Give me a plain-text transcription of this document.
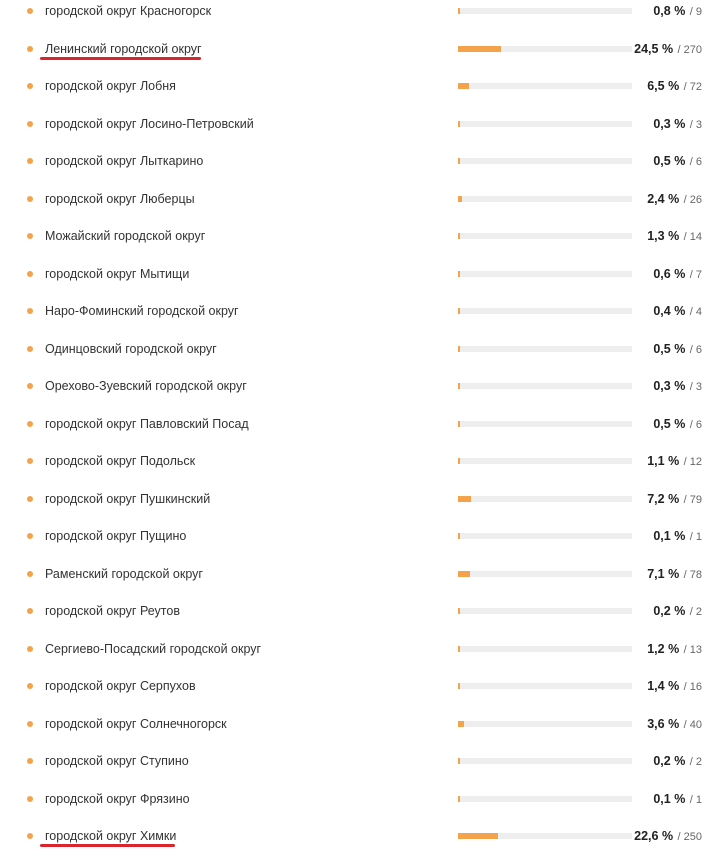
городской округ Красногорск	0,8 % / 9
Ленинский городской округ	24,5 % / 270
городской округ Лобня	6,5 % / 72
городской округ Лосино-Петровский	0,3 % / 3
городской округ Лыткарино	0,5 % / 6
городской округ Люберцы	2,4 % / 26
Можайский городской округ	1,3 % / 14
городской округ Мытищи	0,6 % / 7
Наро-Фоминский городской округ	0,4 % / 4
Одинцовский городской округ	0,5 % / 6
Орехово-Зуевский городской округ	0,3 % / 3
городской округ Павловский Посад	0,5 % / 6
городской округ Подольск	1,1 % / 12
городской округ Пушкинский	7,2 % / 79
городской округ Пущино	0,1 % / 1
Раменский городской округ	7,1 % / 78
городской округ Реутов	0,2 % / 2
Сергиево-Посадский городской округ	1,2 % / 13
городской округ Серпухов	1,4 % / 16
городской округ Солнечногорск	3,6 % / 40
городской округ Ступино	0,2 % / 2
городской округ Фрязино	0,1 % / 1
городской округ Химки	22,6 % / 250
